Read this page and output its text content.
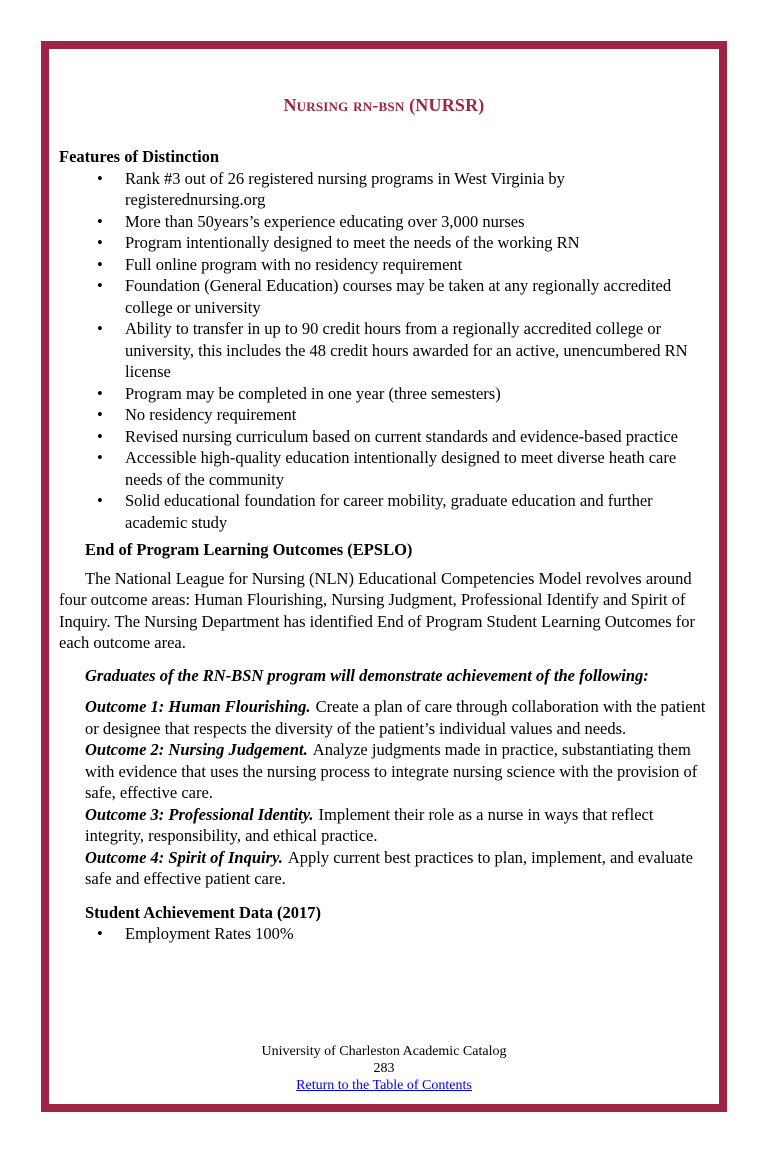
Nursing rn-bsn (NURSR)
Features of Distinction
• Rank #3 out of 26 registered nursing programs in West Virginia by registerednursing.org
• More than 50years’s experience educating over 3,000 nurses
• Program intentionally designed to meet the needs of the working RN
• Full online program with no residency requirement
• Foundation (General Education) courses may be taken at any regionally accredited college or university
• Ability to transfer in up to 90 credit hours from a regionally accredited college or university, this includes the 48 credit hours awarded for an active, unencumbered RN license
• Program may be completed in one year (three semesters)
• No residency requirement
• Revised nursing curriculum based on current standards and evidence-based practice
• Accessible high-quality education intentionally designed to meet diverse heath care needs of the community
• Solid educational foundation for career mobility, graduate education and further academic study
End of Program Learning Outcomes (EPSLO)

The National League for Nursing (NLN) Educational Competencies Model revolves around four outcome areas: Human Flourishing, Nursing Judgment, Professional Identify and Spirit of Inquiry. The Nursing Department has identified End of Program Student Learning Outcomes for each outcome area.

Graduates of the RN-BSN program will demonstrate achievement of the following:

Outcome 1: Human Flourishing. Create a plan of care through collaboration with the patient or designee that respects the diversity of the patient’s individual values and needs.

Outcome 2: Nursing Judgement. Analyze judgments made in practice, substantiating them with evidence that uses the nursing process to integrate nursing science with the provision of safe, effective care.

Outcome 3: Professional Identity. Implement their role as a nurse in ways that reflect integrity, responsibility, and ethical practice.

Outcome 4: Spirit of Inquiry. Apply current best practices to plan, implement, and evaluate safe and effective patient care.

Student Achievement Data (2017)
• Employment Rates 100%
University of Charleston Academic Catalog
283
Return to the Table of Contents
